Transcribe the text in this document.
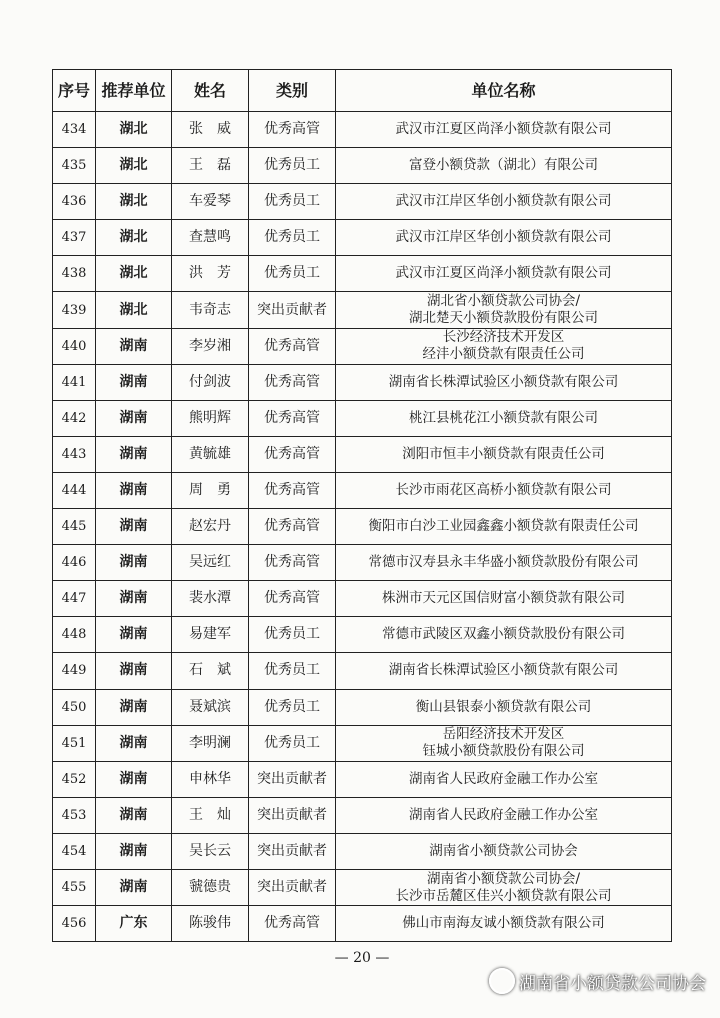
序号	推荐单位	姓名	类别	单位名称
434	湖北	张　威	优秀高管	武汉市江夏区尚泽小额贷款有限公司

435	湖北	王　磊	优秀员工	富登小额贷款（湖北）有限公司

436	湖北	车爱琴	优秀员工	武汉市江岸区华创小额贷款有限公司

437	湖北	查慧鸣	优秀员工	武汉市江岸区华创小额贷款有限公司

438	湖北	洪　芳	优秀员工	武汉市江夏区尚泽小额贷款有限公司

439	湖北	韦奇志	突出贡献者	湖北省小额贷款公司协会/
湖北楚天小额贷款股份有限公司

440	湖南	李岁湘	优秀高管	长沙经济技术开发区
经沣小额贷款有限责任公司

441	湖南	付剑波	优秀高管	湖南省长株潭试验区小额贷款有限公司

442	湖南	熊明辉	优秀高管	桃江县桃花江小额贷款有限公司

443	湖南	黄毓雄	优秀高管	浏阳市恒丰小额贷款有限责任公司

444	湖南	周　勇	优秀高管	长沙市雨花区高桥小额贷款有限公司

445	湖南	赵宏丹	优秀高管	衡阳市白沙工业园鑫鑫小额贷款有限责任公司

446	湖南	吴远红	优秀高管	常德市汉寿县永丰华盛小额贷款股份有限公司

447	湖南	裴水潭	优秀高管	株洲市天元区国信财富小额贷款有限公司

448	湖南	易建军	优秀员工	常德市武陵区双鑫小额贷款股份有限公司

449	湖南	石　斌	优秀员工	湖南省长株潭试验区小额贷款有限公司

450	湖南	聂斌滨	优秀员工	衡山县银泰小额贷款有限公司

451	湖南	李明澜	优秀员工	岳阳经济技术开发区
钰城小额贷款股份有限公司

452	湖南	申林华	突出贡献者	湖南省人民政府金融工作办公室

453	湖南	王　灿	突出贡献者	湖南省人民政府金融工作办公室

454	湖南	吴长云	突出贡献者	湖南省小额贷款公司协会

455	湖南	虢德贵	突出贡献者	湖南省小额贷款公司协会/
长沙市岳麓区佳兴小额贷款有限公司

456	广东	陈骏伟	优秀高管	佛山市南海友诚小额贷款有限公司
— 20 —
湖南省小额贷款公司协会
